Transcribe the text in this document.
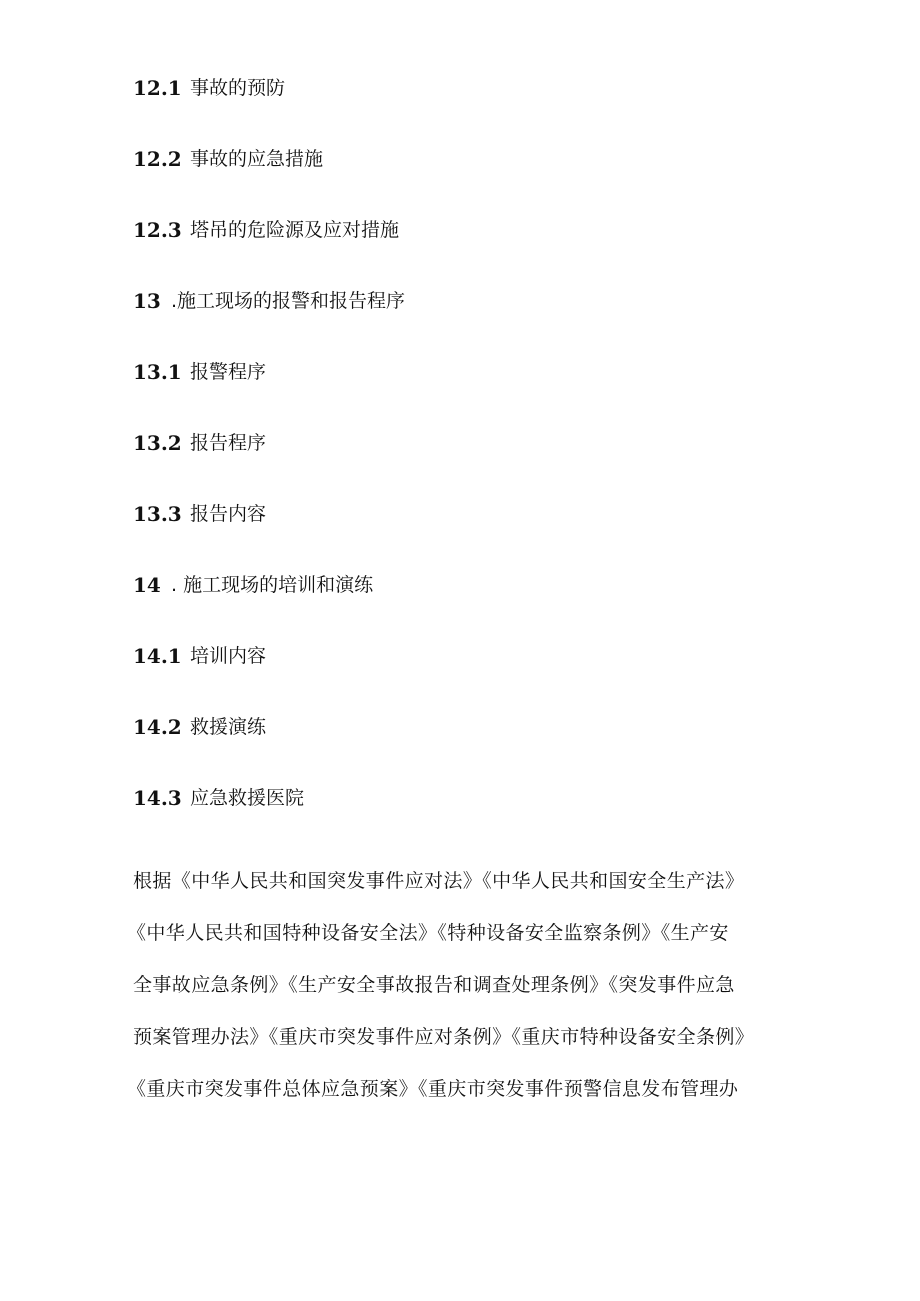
12.1 事故的预防
12.2 事故的应急措施
12.3 塔吊的危险源及应对措施
13 .施工现场的报警和报告程序
13.1 报警程序
13.2 报告程序
13.3 报告内容
14 . 施工现场的培训和演练
14.1 培训内容
14.2 救援演练
14.3 应急救援医院
根据《中华人民共和国突发事件应对法》《中华人民共和国安全生产法》
《中华人民共和国特种设备安全法》《特种设备安全监察条例》《生产安
全事故应急条例》《生产安全事故报告和调查处理条例》《突发事件应急
预案管理办法》《重庆市突发事件应对条例》《重庆市特种设备安全条例》
《重庆市突发事件总体应急预案》《重庆市突发事件预警信息发布管理办
